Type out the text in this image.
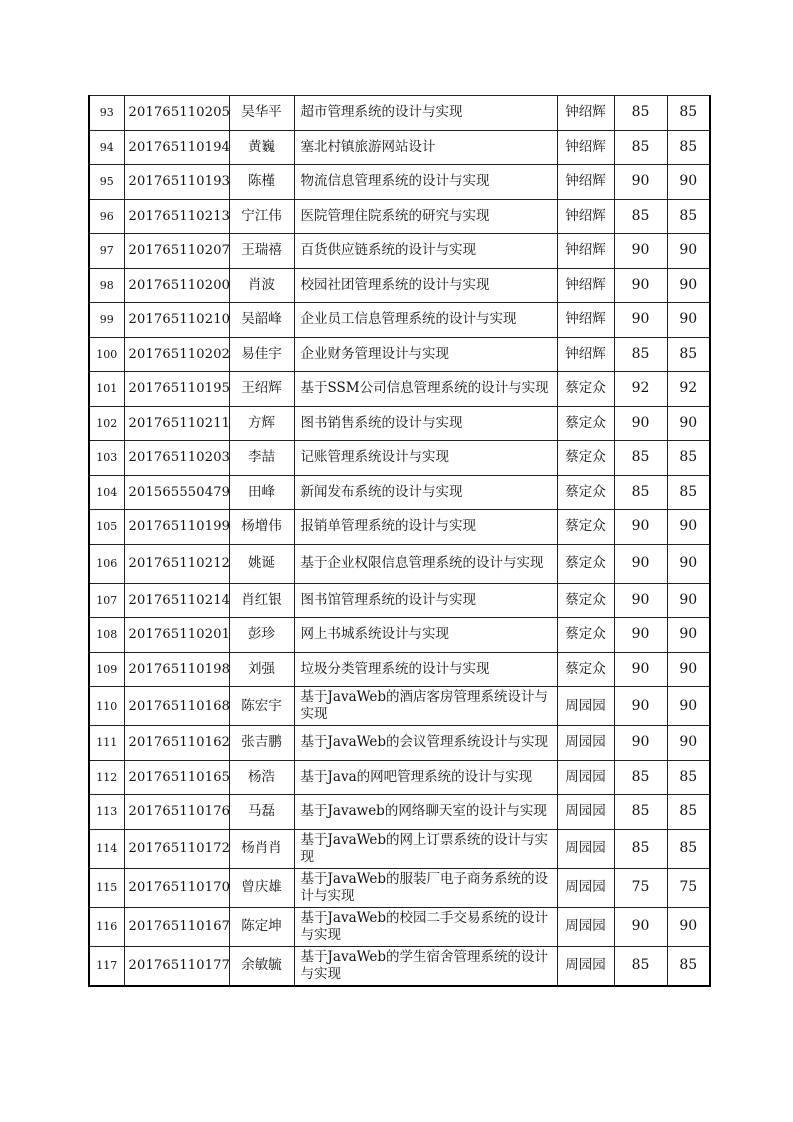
93	201765110205	吴华平	超市管理系统的设计与实现	钟绍辉	85	85
94	201765110194	黄巍	塞北村镇旅游网站设计	钟绍辉	85	85
95	201765110193	陈槿	物流信息管理系统的设计与实现	钟绍辉	90	90
96	201765110213	宁江伟	医院管理住院系统的研究与实现	钟绍辉	85	85
97	201765110207	王瑞禧	百货供应链系统的设计与实现	钟绍辉	90	90
98	201765110200	肖波	校园社团管理系统的设计与实现	钟绍辉	90	90
99	201765110210	吴韶峰	企业员工信息管理系统的设计与实现	钟绍辉	90	90
100	201765110202	易佳宇	企业财务管理设计与实现	钟绍辉	85	85
101	201765110195	王绍辉	基于SSM公司信息管理系统的设计与实现	蔡定众	92	92
102	201765110211	方辉	图书销售系统的设计与实现	蔡定众	90	90
103	201765110203	李喆	记账管理系统设计与实现	蔡定众	85	85
104	201565550479	田峰	新闻发布系统的设计与实现	蔡定众	85	85
105	201765110199	杨增伟	报销单管理系统的设计与实现	蔡定众	90	90
106	201765110212	姚诞	基于企业权限信息管理系统的设计与实现	蔡定众	90	90
107	201765110214	肖红银	图书馆管理系统的设计与实现	蔡定众	90	90
108	201765110201	彭珍	网上书城系统设计与实现	蔡定众	90	90
109	201765110198	刘强	垃圾分类管理系统的设计与实现	蔡定众	90	90
110	201765110168	陈宏宇	基于JavaWeb的酒店客房管理系统设计与实现	周园园	90	90
111	201765110162	张吉鹏	基于JavaWeb的会议管理系统设计与实现	周园园	90	90
112	201765110165	杨浩	基于Java的网吧管理系统的设计与实现	周园园	85	85
113	201765110176	马磊	基于Javaweb的网络聊天室的设计与实现	周园园	85	85
114	201765110172	杨肖肖	基于JavaWeb的网上订票系统的设计与实现	周园园	85	85
115	201765110170	曾庆雄	基于JavaWeb的服装厂电子商务系统的设计与实现	周园园	75	75
116	201765110167	陈定坤	基于JavaWeb的校园二手交易系统的设计与实现	周园园	90	90
117	201765110177	余敏毓	基于JavaWeb的学生宿舍管理系统的设计与实现	周园园	85	85
